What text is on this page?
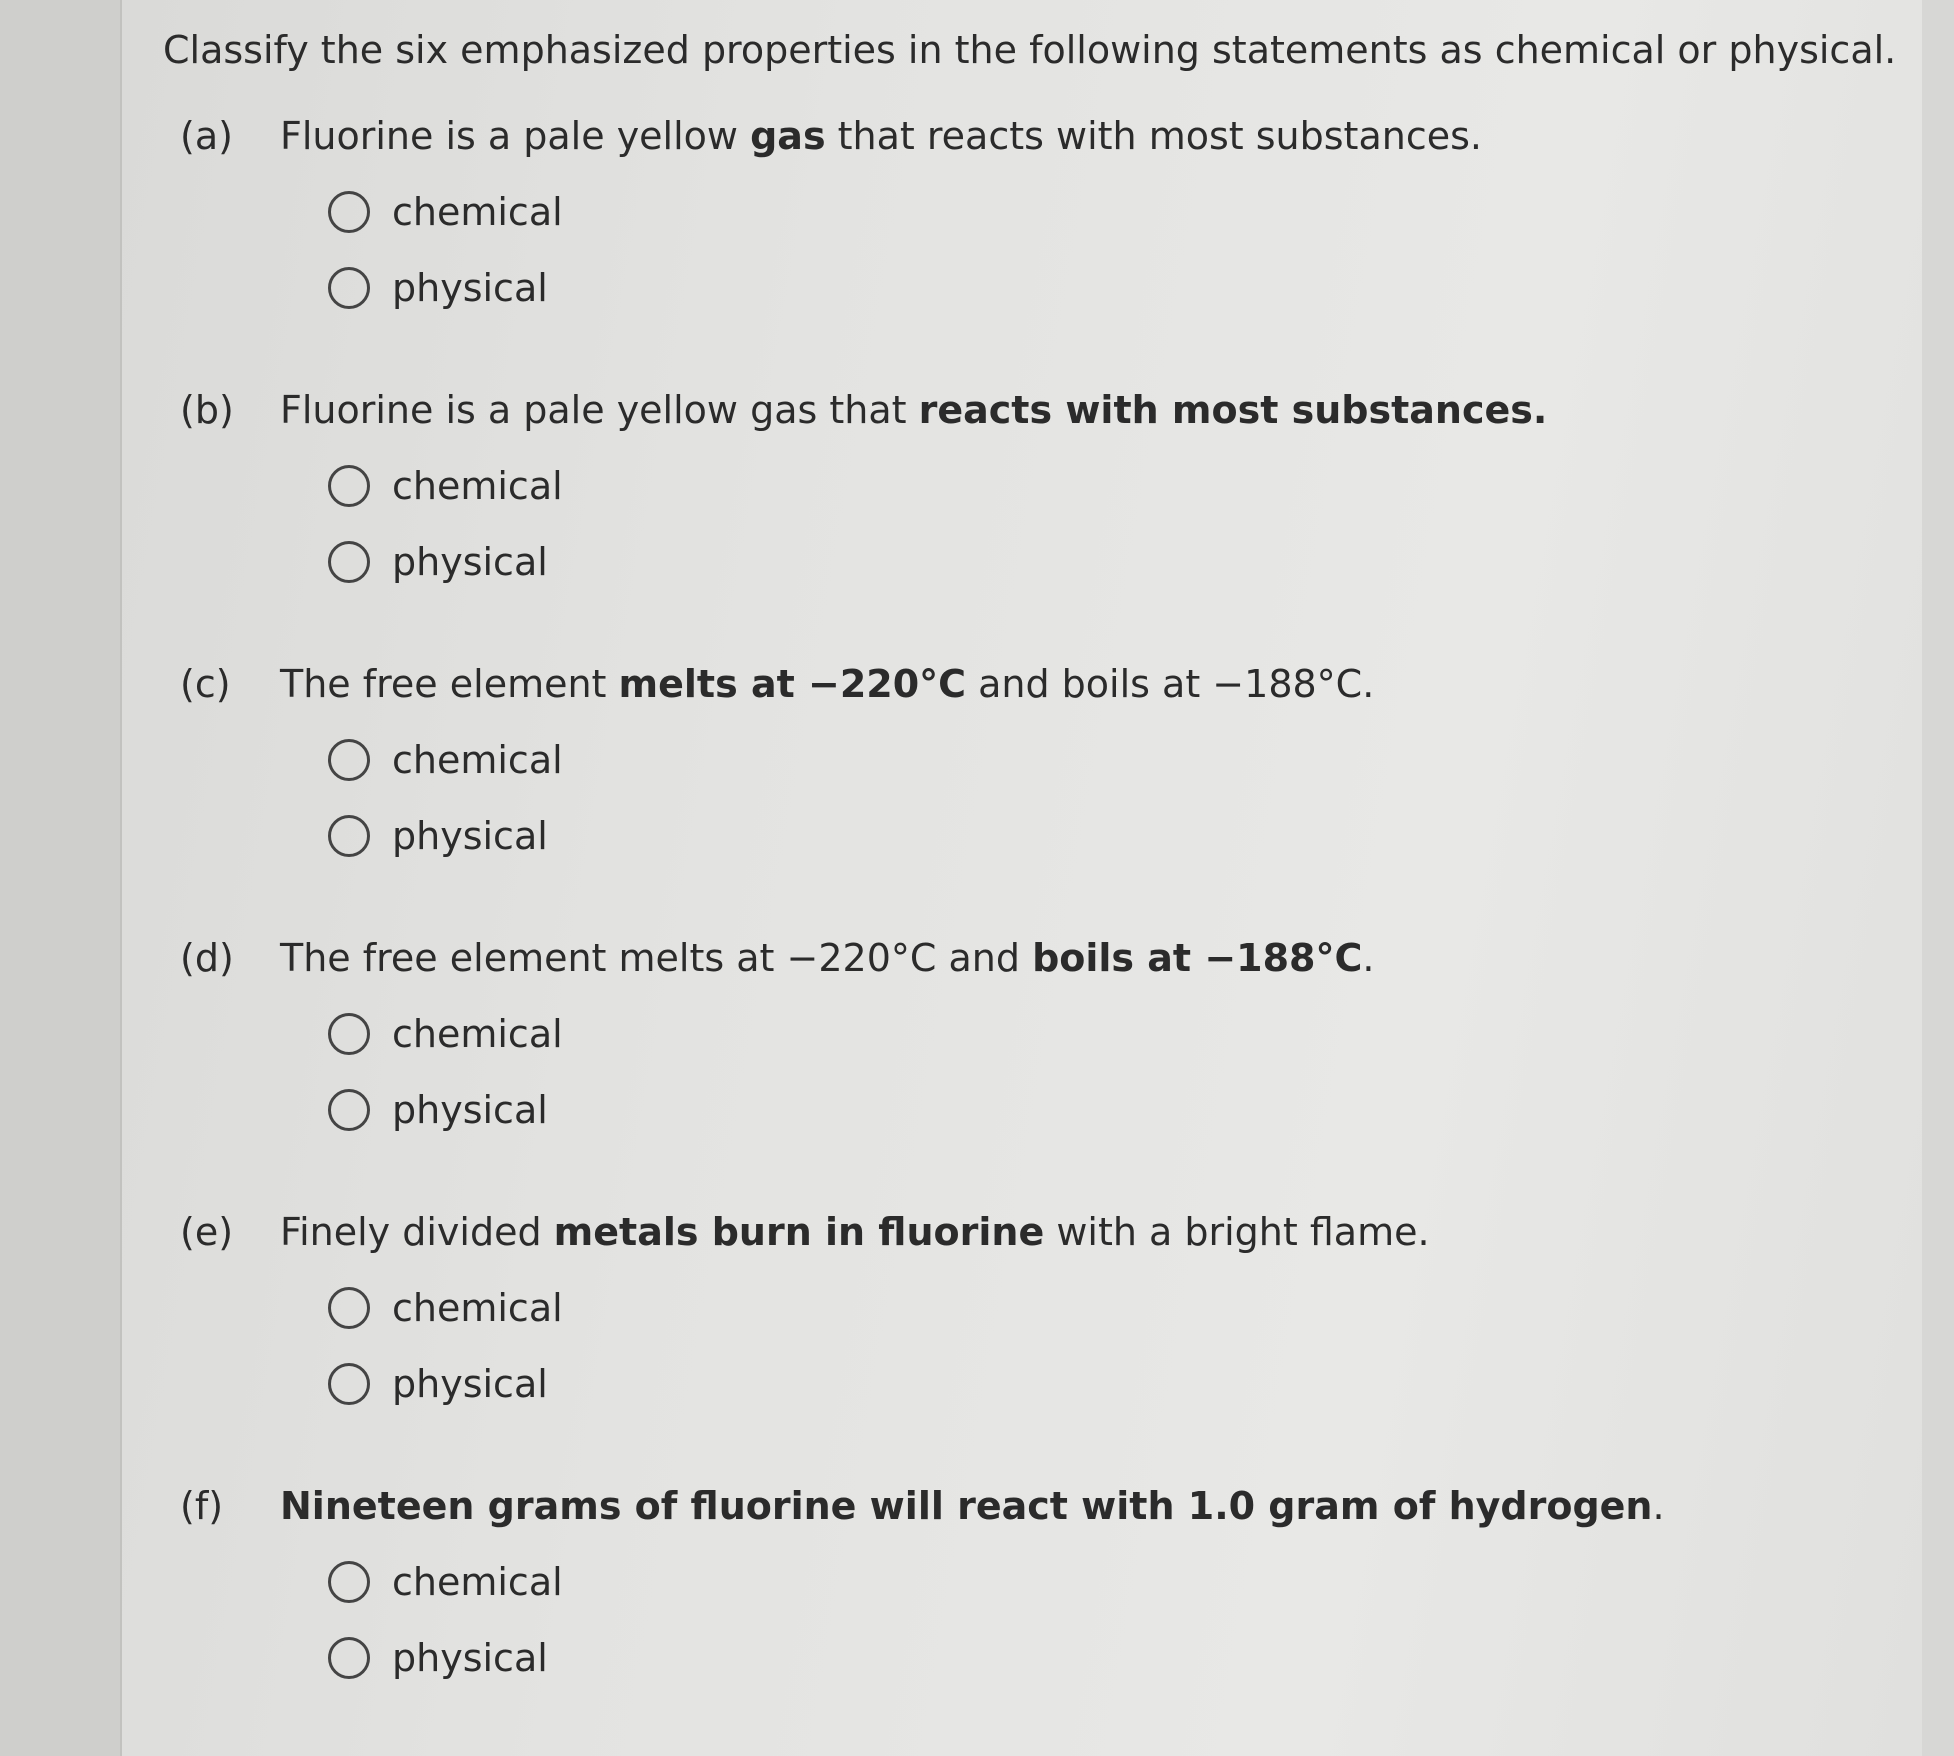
Classify the six emphasized properties in the following statements as chemical or physical.
(a) Fluorine is a pale yellow gas that reacts with most substances.
chemical
physical
(b) Fluorine is a pale yellow gas that reacts with most substances.
chemical
physical
(c) The free element melts at −220°C and boils at −188°C.
chemical
physical
(d) The free element melts at −220°C and boils at −188°C.
chemical
physical
(e) Finely divided metals burn in fluorine with a bright flame.
chemical
physical
(f) Nineteen grams of fluorine will react with 1.0 gram of hydrogen.
chemical
physical
